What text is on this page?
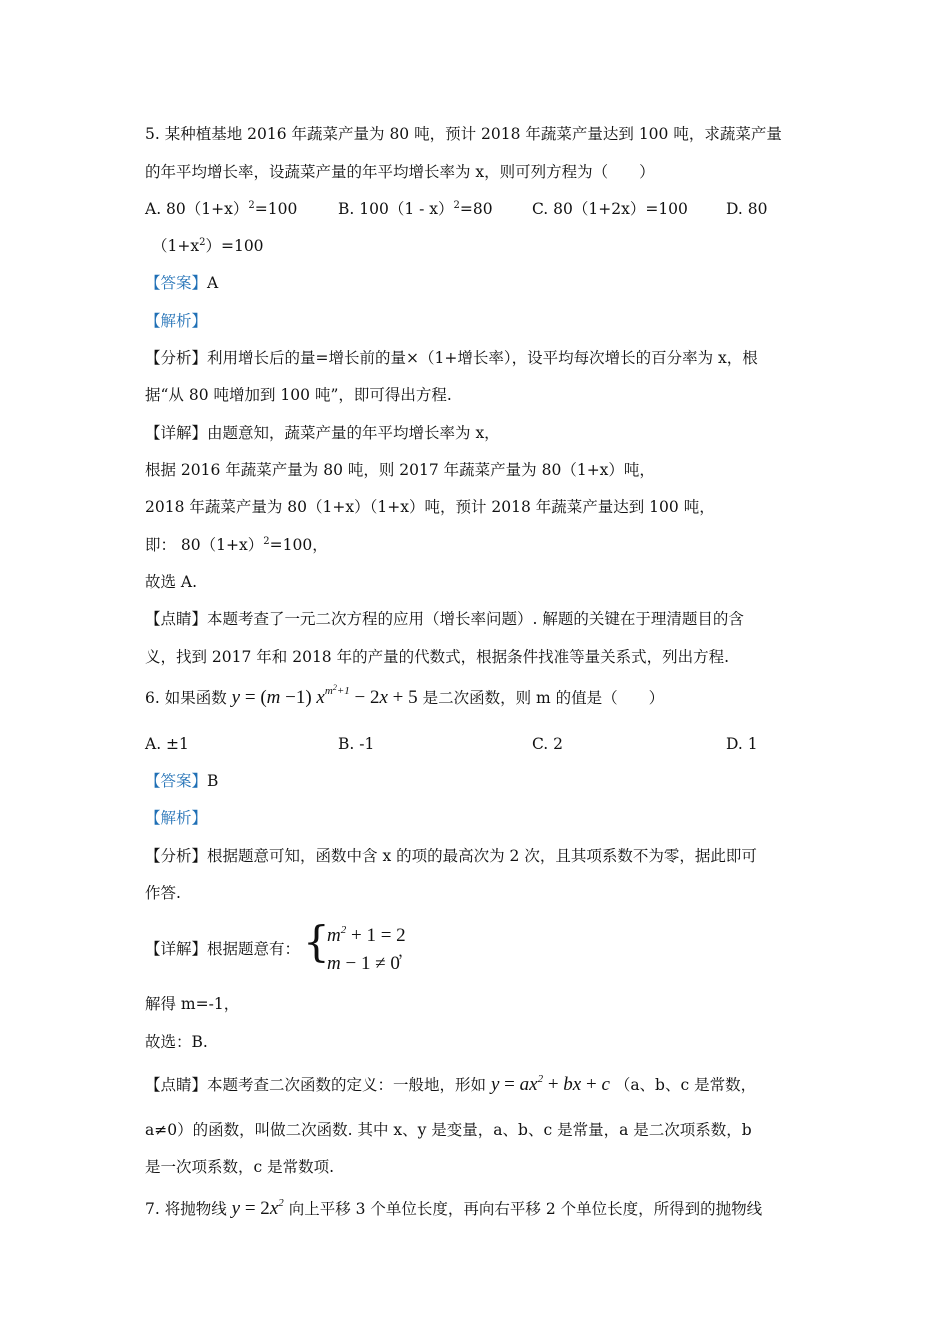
5. 某种植基地 2016 年蔬菜产量为 80 吨，预计 2018 年蔬菜产量达到 100 吨，求蔬菜产量
的年平均增长率，设蔬菜产量的年平均增长率为 x，则可列方程为（　　）
A. $80(1+x)^2=100$	B. 100（1 - x）$^2$=80	C. 80（1+2x）=100 D. 80
$(1+x^2)=100$
【答案】A
【解析】
【分析】利用增长后的量=增长前的量×（1+增长率），设平均每次增长的百分率为 x，根
据“从 80 吨增加到 100 吨”，即可得出方程.
【详解】由题意知，蔬菜产量的年平均增长率为 x，
根据 2016 年蔬菜产量为 80 吨，则 2017 年蔬菜产量为 80（1+x）吨，
2018 年蔬菜产量为 80（1+x）（1+x）吨，预计 2018 年蔬菜产量达到 100 吨，
即： $80(1+x)^2=100$，
故选 A.
【点睛】本题考查了一元二次方程的应用（增长率问题）. 解题的关键在于理清题目的含
义，找到 2017 年和 2018 年的产量的代数式，根据条件找准等量关系式，列出方程.
6. 如果函数 y = (m −1) $x^{m^2+1} - 2x + 5$ 是二次函数，则 m 的值是（　　）
A. ±1	B. -1	C. 2	D. 1
【答案】B
【解析】
【分析】根据题意可知，函数中含 x 的项的最高次为 2 次，且其项系数不为零，据此即可
作答.
【详解】根据题意有： {
$m^2 + 1 = 2$
m − 1 ≠ 0
，
解得 m=-1，
故选：B.
【点睛】本题考查二次函数的定义：一般地，形如 $y = ax^2$ + bx + c （a、b、c 是常数，
a≠0）的函数，叫做二次函数. 其中 x、y 是变量，a、b、c 是常量，a 是二次项系数，b
是一次项系数，c 是常数项.
7. 将抛物线 $y = 2x^2$ 向上平移 3 个单位长度，再向右平移 2 个单位长度，所得到的抛物线
